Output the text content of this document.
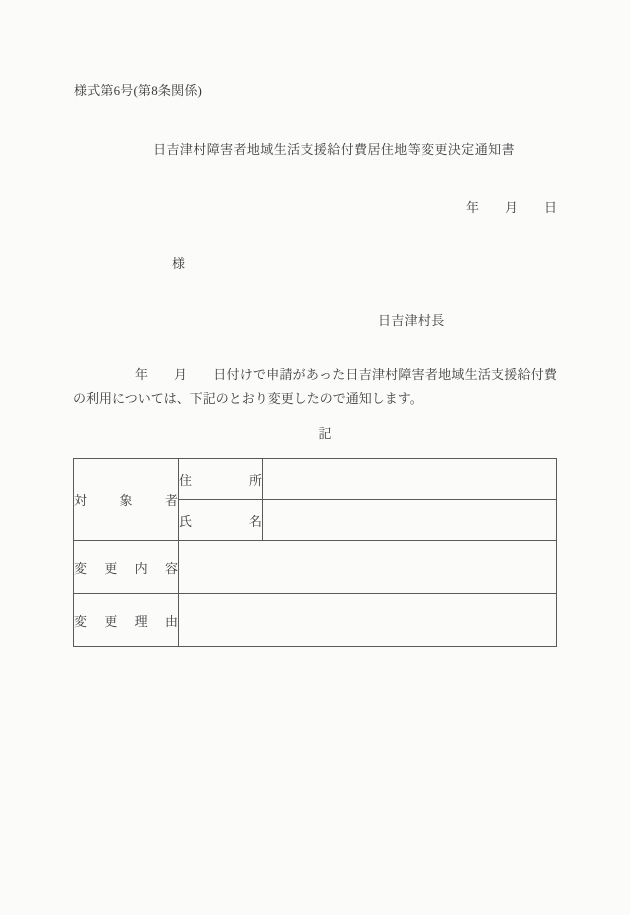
様式第6号(第8条関係)
日吉津村障害者地域生活支援給付費居住地等変更決定通知書
年 月 日
様
日吉津村長
年 月 日付けで申請があった日吉津村障害者地域生活支援給付費の利用については、下記のとおり変更したので通知します。
記
対 象 者	住 所	

	氏 名	

変 更 内 容		

変 更 理 由		
